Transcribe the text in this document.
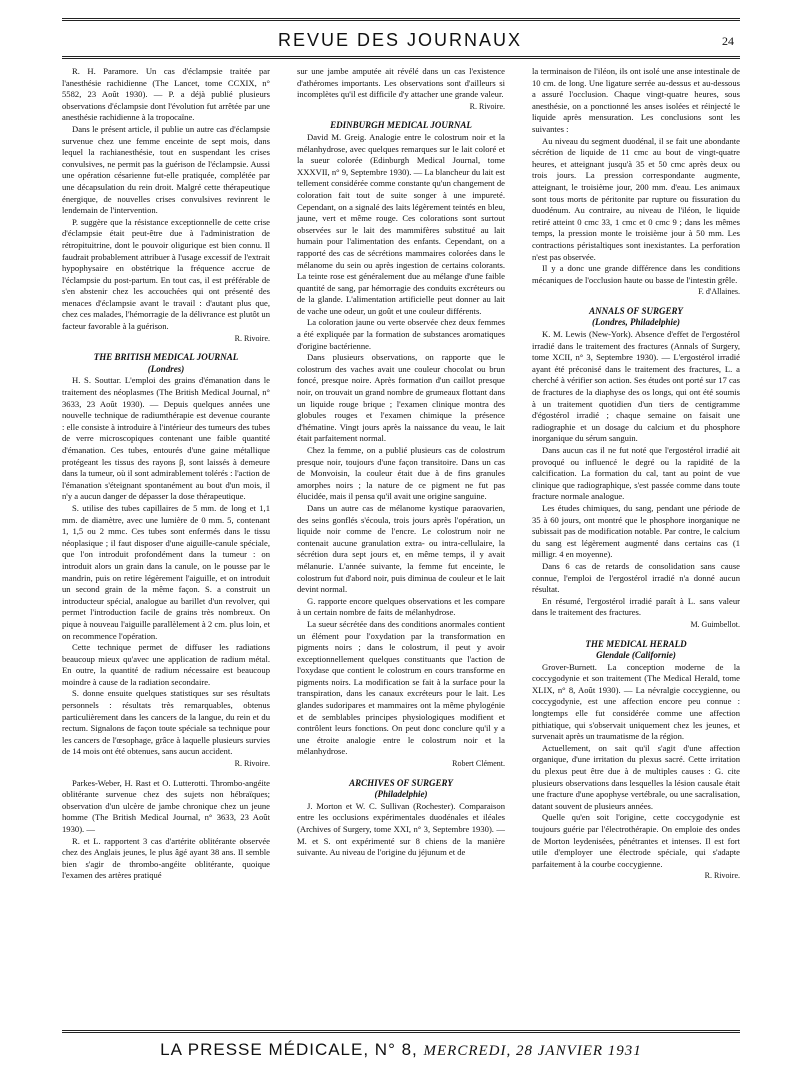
REVUE DES JOURNAUX	24

R. H. Paramore. Un cas d'éclampsie traitée par l'anesthésie rachidienne (The Lancet, tome CCXIX, n° 5582, 23 Août 1930). — P. a déjà publié plusieurs observations d'éclampsie dont l'évolution fut arrêtée par une anesthésie rachidienne à la tropocaïne.

Dans le présent article, il publie un autre cas d'éclampsie survenue chez une femme enceinte de sept mois, dans lequel la rachianesthésie, tout en suspendant les crises convulsives, ne permit pas la guérison de l'éclampsie. Aussi une opération césarienne fut-elle pratiquée, complétée par une décapsulation du rein droit. Malgré cette thérapeutique énergique, de nouvelles crises convulsives revinrent le lendemain de l'intervention.

P. suggère que la résistance exceptionnelle de cette crise d'éclampsie était peut-être due à l'administration de rétropituitrine, dont le pouvoir oligurique est bien connu. Il faudrait probablement attribuer à l'usage excessif de l'extrait hypophysaire en obstétrique la fréquence accrue de l'éclampsie du post-partum. En tout cas, il est préférable de s'en abstenir chez les accouchées qui ont présenté des menaces d'éclampsie avant le travail : d'autant plus que, chez ces malades, l'hémorragie de la délivrance est plutôt un facteur favorable à la guérison.

R. Rivoire.

THE BRITISH MEDICAL JOURNAL

(Londres)

H. S. Souttar. L'emploi des grains d'émanation dans le traitement des néoplasmes (The British Medical Journal, n° 3633, 23 Août 1930). — Depuis quelques années une nouvelle technique de radiumthérapie est devenue courante : elle consiste à introduire à l'intérieur des tumeurs des tubes de verre microscopiques contenant une faible quantité d'émanation. Ces tubes, entourés d'une gaine métallique protégeant les tissus des rayons β, sont laissés à demeure dans la tumeur, où il sont admirablement tolérés : l'action de l'émanation s'éteignant spontanément au bout d'un mois, il n'y a aucun danger de dépasser la dose thérapeutique.

S. utilise des tubes capillaires de 5 mm. de long et 1,1 mm. de diamètre, avec une lumière de 0 mm. 5, contenant 1, 1,5 ou 2 mmc. Ces tubes sont enfermés dans le tissu néoplasique ; il faut disposer d'une aiguille-canule spéciale, que l'on introduit profondément dans la tumeur : on introduit alors un grain dans la canule, on le pousse par le mandrin, puis on retire légèrement l'aiguille, et on introduit un second grain de la même façon. S. a construit un introducteur spécial, analogue au barillet d'un revolver, qui permet l'introduction facile de grains très nombreux. On pique à nouveau l'aiguille parallèlement à 2 cm. plus loin, et on recommence l'opération.

Cette technique permet de diffuser les radiations beaucoup mieux qu'avec une application de radium métal. En outre, la quantité de radium nécessaire est beaucoup moindre à cause de la radiation secondaire.

S. donne ensuite quelques statistiques sur ses résultats personnels : résultats très remarquables, obtenus particulièrement dans les cancers de la langue, du rein et du rectum. Signalons de façon toute spéciale sa technique pour les cancers de l'œsophage, grâce à laquelle plusieurs survies de 14 mois ont été obtenues, sans aucun accident.

R. Rivoire.

Parkes-Weber, H. Rast et O. Lutterotti. Thrombo-angéite oblitérante survenue chez des sujets non hébraïques; observation d'un ulcère de jambe chronique chez un jeune homme (The British Medical Journal, n° 3633, 23 Août 1930). —

R. et L. rapportent 3 cas d'artérite oblitérante observée chez des Anglais jeunes, le plus âgé ayant 38 ans. Il semble bien s'agir de thrombo-angéite oblitérante, quoique l'examen des artères pratiqué

sur une jambe amputée ait révélé dans un cas l'existence d'athéromes importants. Les observations sont d'ailleurs si incomplètes qu'il est difficile d'y attacher une grande valeur.

R. Rivoire.

EDINBURGH MEDICAL JOURNAL

David M. Greig. Analogie entre le colostrum noir et la mélanhydrose, avec quelques remarques sur le lait coloré et la sueur colorée (Edinburgh Medical Journal, tome XXXVII, n° 9, Septembre 1930). — La blancheur du lait est tellement considérée comme constante qu'un changement de coloration fait tout de suite songer à une impureté. Cependant, on a signalé des laits légèrement teintés en bleu, jaune, vert et même rouge. Ces colorations sont surtout observées sur le lait des mammifères substitué au lait humain pour l'alimentation des enfants. Cependant, on a rapporté des cas de sécrétions mammaires colorées dans le mélanome du sein ou après ingestion de certains colorants. La teinte rose est généralement due au mélange d'une faible quantité de sang, par hémorragie des conduits excréteurs ou de la glande. L'alimentation artificielle peut donner au lait de vache une odeur, un goût et une couleur différents.

La coloration jaune ou verte observée chez deux femmes a été expliquée par la formation de substances aromatiques d'origine bactérienne.

Dans plusieurs observations, on rapporte que le colostrum des vaches avait une couleur chocolat ou brun foncé, presque noire. Après formation d'un caillot presque noir, on trouvait un grand nombre de grumeaux flottant dans un liquide rouge brique ; l'examen clinique montra des globules rouges et l'examen chimique la présence d'hématine. Vingt jours après la naissance du veau, le lait était parfaitement normal.

Chez la femme, on a publié plusieurs cas de colostrum presque noir, toujours d'une façon transitoire. Dans un cas de Monvoisin, la couleur était due à de fins granules amorphes noirs ; la nature de ce pigment ne fut pas élucidée, mais il pensa qu'il avait une origine sanguine.

Dans un autre cas de mélanome kystique paraovarien, des seins gonflés s'écoula, trois jours après l'opération, un liquide noir comme de l'encre. Le colostrum noir ne contenait aucune granulation extra- ou intra-cellulaire, la sécrétion dura sept jours et, en même temps, il y avait mélanurie. L'année suivante, la femme fut enceinte, le colostrum fut d'abord noir, puis diminua de couleur et le lait devint normal.

G. rapporte encore quelques observations et les compare à un certain nombre de faits de mélanhydrose.

La sueur sécrétée dans des conditions anormales contient un élément pour l'oxydation par la transformation en pigments noirs ; dans le colostrum, il peut y avoir exceptionnellement quelques constituants que l'action de l'oxydase que contient le colostrum en cours transforme en pigments noirs. La modification se fait à la surface pour la transpiration, dans les canaux excréteurs pour le lait. Les glandes sudoripares et mammaires ont la même phylogénie et de semblables principes physiologiques modifient et contrôlent leurs fonctions. On peut donc conclure qu'il y a une étroite analogie entre le colostrum noir et la mélanhydrose.

Robert Clément.

ARCHIVES OF SURGERY

(Philadelphie)

J. Morton et W. C. Sullivan (Rochester). Comparaison entre les occlusions expérimentales duodénales et iléales (Archives of Surgery, tome XXI, n° 3, Septembre 1930). — M. et S. ont expérimenté sur 8 chiens de la manière suivante. Au niveau de l'origine du jéjunum et de

la terminaison de l'iléon, ils ont isolé une anse intestinale de 10 cm. de long. Une ligature serrée au-dessus et au-dessous a assuré l'occlusion. Chaque vingt-quatre heures, sous anesthésie, on a ponctionné les anses isolées et réinjecté le liquide après mensuration. Les conclusions sont les suivantes :

Au niveau du segment duodénal, il se fait une abondante sécrétion de liquide de 11 cmc au bout de vingt-quatre heures, et atteignant jusqu'à 35 et 50 cmc après deux ou trois jours. La pression correspondante augmente, atteignant, le troisième jour, 200 mm. d'eau. Les animaux sont tous morts de péritonite par rupture ou fissuration du duodénum. Au contraire, au niveau de l'iléon, le liquide retiré atteint 0 cmc 33, 1 cmc et 0 cmc 9 ; dans les mêmes temps, la pression monte le troisième jour à 50 mm. Les contractions péristaltiques sont inexistantes. La perforation n'est pas observée.

Il y a donc une grande différence dans les conditions mécaniques de l'occlusion haute ou basse de l'intestin grêle.

F. d'Allaines.

ANNALS OF SURGERY

(Londres, Philadelphie)

K. M. Lewis (New-York). Absence d'effet de l'ergostérol irradié dans le traitement des fractures (Annals of Surgery, tome XCII, n° 3, Septembre 1930). — L'ergostérol irradié ayant été préconisé dans le traitement des fractures, L. a cherché à vérifier son action. Ses études ont porté sur 17 cas de fractures de la diaphyse des os longs, qui ont été soumis à un traitement quotidien d'un tiers de centigramme d'égostérol irradié ; chaque semaine on faisait une radiographie et un dosage du calcium et du phosphore inorganique du sérum sanguin.

Dans aucun cas il ne fut noté que l'ergostérol irradié ait provoqué ou influencé le degré ou la rapidité de la calcification. La formation du cal, tant au point de vue clinique que radiographique, s'est passée comme dans toute fracture normale analogue.

Les études chimiques, du sang, pendant une période de 35 à 60 jours, ont montré que le phosphore inorganique ne subissait pas de modification notable. Par contre, le calcium du sang est légèrement augmenté dans certains cas (1 milligr. 4 en moyenne).

Dans 6 cas de retards de consolidation sans cause connue, l'emploi de l'ergostérol irradié n'a donné aucun résultat.

En résumé, l'ergostérol irradié paraît à L. sans valeur dans le traitement des fractures.

M. Guimbellot.

THE MEDICAL HERALD

Glendale (Californie)

Grover-Burnett. La conception moderne de la coccygodynie et son traitement (The Medical Herald, tome XLIX, n° 8, Août 1930). — La névralgie coccygienne, ou coccygodynie, est une affection encore peu connue : longtemps elle fut considérée comme une affection pithiatique, qui s'observait uniquement chez les jeunes, et survenait après un traumatisme de la région.

Actuellement, on sait qu'il s'agit d'une affection organique, d'une irritation du plexus sacré. Cette irritation du plexus peut être due à de multiples causes : G. cite plusieurs observations dans lesquelles la lésion causale était une fracture d'une apophyse vertébrale, ou une sacralisation, datant souvent de plusieurs années.

Quelle qu'en soit l'origine, cette coccygodynie est toujours guérie par l'électrothérapie. On emploie des ondes de Morton leydenisées, pénétrantes et intenses. Il est fort utile d'employer une électrode spéciale, qui s'adapte parfaitement à la courbe coccygienne.

R. Rivoire.

LA PRESSE MÉDICALE, N° 8, MERCREDI, 28 JANVIER 1931
